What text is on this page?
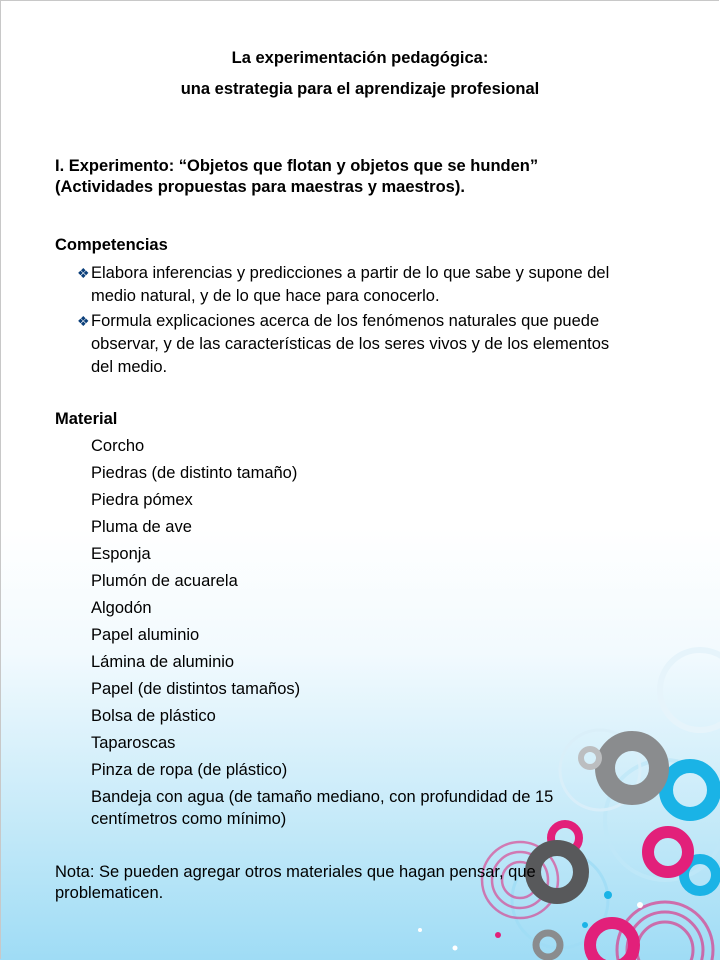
La experimentación pedagógica:
una estrategia para el aprendizaje profesional
I. Experimento: “Objetos que flotan y objetos que se hunden”
(Actividades propuestas para maestras y maestros).
Competencias
❖ Elabora inferencias y predicciones a partir de lo que sabe y supone del
medio natural, y de lo que hace para conocerlo.
❖ Formula explicaciones acerca de los fenómenos naturales que puede
observar, y de las características de los seres vivos y de los elementos
del medio.
Material
Corcho
Piedras (de distinto tamaño)
Piedra pómex
Pluma de ave
Esponja
Plumón de acuarela
Algodón
Papel aluminio
Lámina de aluminio
Papel (de distintos tamaños)
Bolsa de plástico
Taparoscas
Pinza de ropa (de plástico)
Bandeja con agua (de tamaño mediano, con profundidad de 15
centímetros como mínimo)
Nota: Se pueden agregar otros materiales que hagan pensar, que
problematicen.
